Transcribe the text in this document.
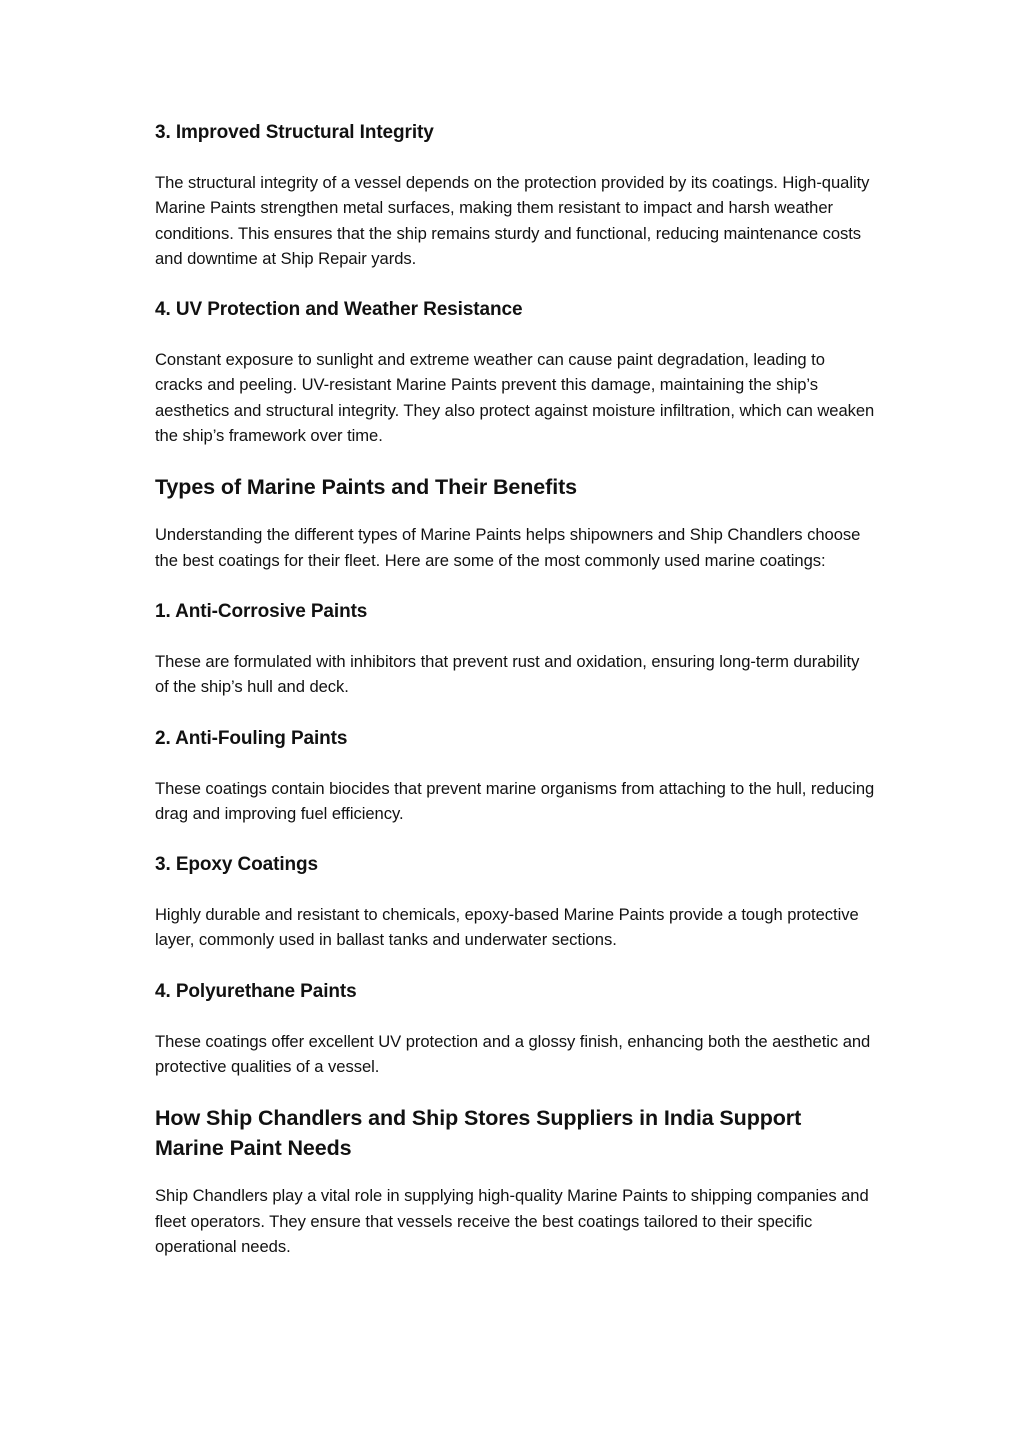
3. Improved Structural Integrity

The structural integrity of a vessel depends on the protection provided by its coatings. High-quality Marine Paints strengthen metal surfaces, making them resistant to impact and harsh weather conditions. This ensures that the ship remains sturdy and functional, reducing maintenance costs and downtime at Ship Repair yards.

4. UV Protection and Weather Resistance

Constant exposure to sunlight and extreme weather can cause paint degradation, leading to cracks and peeling. UV-resistant Marine Paints prevent this damage, maintaining the ship’s aesthetics and structural integrity. They also protect against moisture infiltration, which can weaken the ship’s framework over time.

Types of Marine Paints and Their Benefits

Understanding the different types of Marine Paints helps shipowners and Ship Chandlers choose the best coatings for their fleet. Here are some of the most commonly used marine coatings:

1. Anti-Corrosive Paints

These are formulated with inhibitors that prevent rust and oxidation, ensuring long-term durability of the ship’s hull and deck.

2. Anti-Fouling Paints

These coatings contain biocides that prevent marine organisms from attaching to the hull, reducing drag and improving fuel efficiency.

3. Epoxy Coatings

Highly durable and resistant to chemicals, epoxy-based Marine Paints provide a tough protective layer, commonly used in ballast tanks and underwater sections.

4. Polyurethane Paints

These coatings offer excellent UV protection and a glossy finish, enhancing both the aesthetic and protective qualities of a vessel.

How Ship Chandlers and Ship Stores Suppliers in India Support Marine Paint Needs

Ship Chandlers play a vital role in supplying high-quality Marine Paints to shipping companies and fleet operators. They ensure that vessels receive the best coatings tailored to their specific operational needs.
